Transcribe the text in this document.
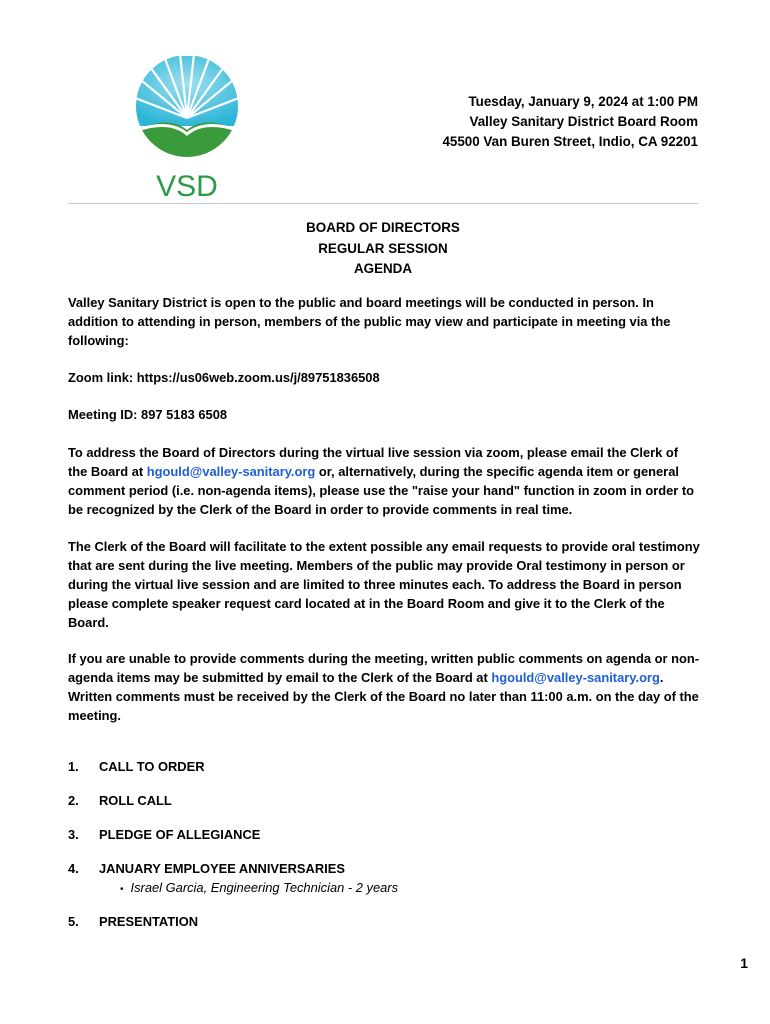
VSD
Tuesday, January 9, 2024 at 1:00 PM
Valley Sanitary District Board Room
45500 Van Buren Street, Indio, CA 92201
BOARD OF DIRECTORS
REGULAR SESSION
AGENDA

Valley Sanitary District is open to the public and board meetings will be conducted in person. In addition to attending in person, members of the public may view and participate in meeting via the following:

Zoom link: https://us06web.zoom.us/j/89751836508

Meeting ID: 897 5183 6508

To address the Board of Directors during the virtual live session via zoom, please email the Clerk of the Board at hgould@valley-sanitary.org or, alternatively, during the specific agenda item or general comment period (i.e. non-agenda items), please use the "raise your hand" function in zoom in order to be recognized by the Clerk of the Board in order to provide comments in real time.

The Clerk of the Board will facilitate to the extent possible any email requests to provide oral testimony that are sent during the live meeting. Members of the public may provide Oral testimony in person or during the virtual live session and are limited to three minutes each. To address the Board in person please complete speaker request card located at in the Board Room and give it to the Clerk of the Board.

If you are unable to provide comments during the meeting, written public comments on agenda or non-agenda items may be submitted by email to the Clerk of the Board at hgould@valley-sanitary.org. Written comments must be received by the Clerk of the Board no later than 11:00 a.m. on the day of the meeting.

1. CALL TO ORDER
2. ROLL CALL
3. PLEDGE OF ALLEGIANCE
4. JANUARY EMPLOYEE ANNIVERSARIES
• Israel Garcia, Engineering Technician - 2 years
5. PRESENTATION
1
